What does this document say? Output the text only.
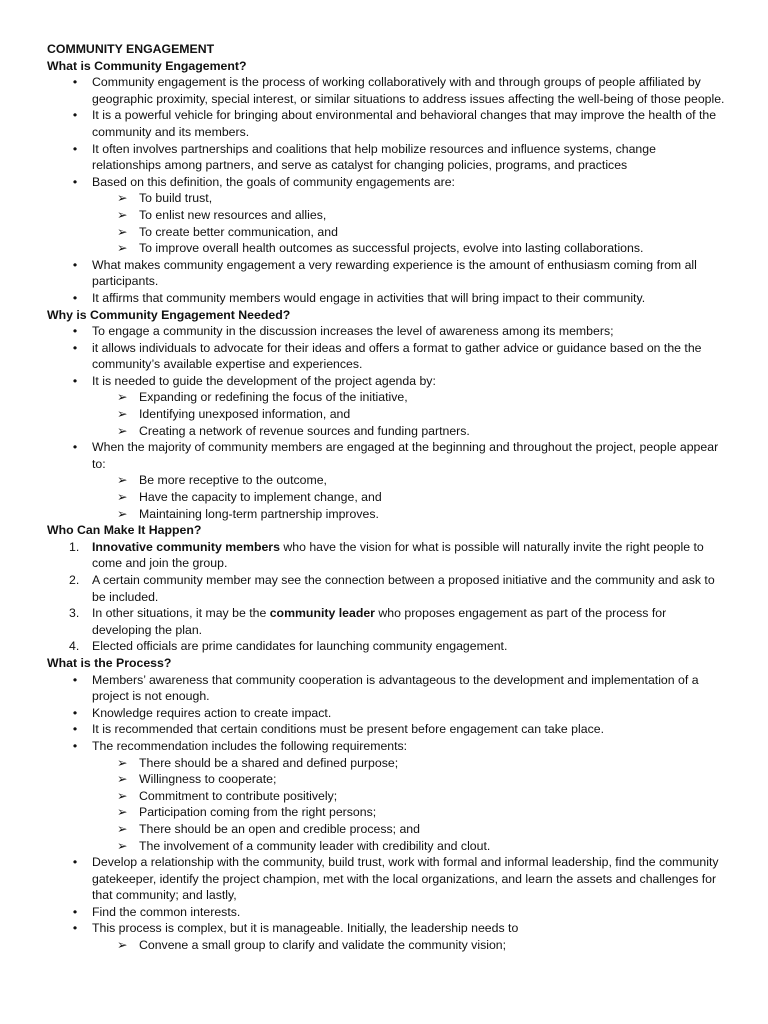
COMMUNITY ENGAGEMENT
What is Community Engagement?
•	Community engagement is the process of working collaboratively with and through groups of people affiliated by geographic proximity, special interest, or similar situations to address issues affecting the well-being of those people.
•	It is a powerful vehicle for bringing about environmental and behavioral changes that may improve the health of the community and its members.
•	It often involves partnerships and coalitions that help mobilize resources and influence systems, change relationships among partners, and serve as catalyst for changing policies, programs, and practices
•	Based on this definition, the goals of community engagements are:
➢ To build trust,
➢ To enlist new resources and allies,
➢ To create better communication, and
➢ To improve overall health outcomes as successful projects, evolve into lasting collaborations.
•	What makes community engagement a very rewarding experience is the amount of enthusiasm coming from all participants.
•	It affirms that community members would engage in activities that will bring impact to their community.
Why is Community Engagement Needed?
•	To engage a community in the discussion increases the level of awareness among its members;
•	it allows individuals to advocate for their ideas and offers a format to gather advice or guidance based on the the community’s available expertise and experiences.
•	It is needed to guide the development of the project agenda by:
➢ Expanding or redefining the focus of the initiative,
➢ Identifying unexposed information, and
➢ Creating a network of revenue sources and funding partners.
•	When the majority of community members are engaged at the beginning and throughout the project, people appear to:
➢ Be more receptive to the outcome,
➢ Have the capacity to implement change, and
➢ Maintaining long-term partnership improves.
Who Can Make It Happen?
1. Innovative community members who have the vision for what is possible will naturally invite the right people to come and join the group.
2. A certain community member may see the connection between a proposed initiative and the community and ask to be included.
3. In other situations, it may be the community leader who proposes engagement as part of the process for developing the plan.
4. Elected officials are prime candidates for launching community engagement.
What is the Process?
•	Members’ awareness that community cooperation is advantageous to the development and implementation of a project is not enough.
•	Knowledge requires action to create impact.
•	It is recommended that certain conditions must be present before engagement can take place.
•	The recommendation includes the following requirements:
➢ There should be a shared and defined purpose;
➢ Willingness to cooperate;
➢ Commitment to contribute positively;
➢ Participation coming from the right persons;
➢ There should be an open and credible process; and
➢ The involvement of a community leader with credibility and clout.
•	Develop a relationship with the community, build trust, work with formal and informal leadership, find the community gatekeeper, identify the project champion, met with the local organizations, and learn the assets and challenges for that community; and lastly,
•	Find the common interests.
•	This process is complex, but it is manageable. Initially, the leadership needs to
➢ Convene a small group to clarify and validate the community vision;
